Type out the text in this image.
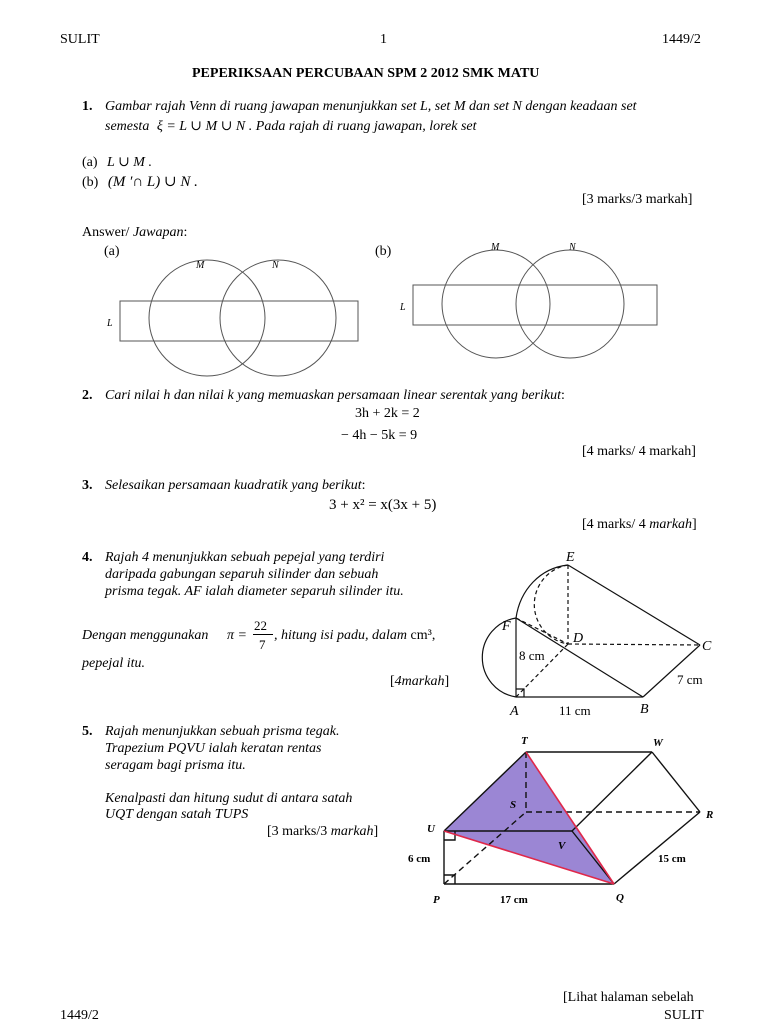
SULIT	1	1449/2
PEPERIKSAAN PERCUBAAN SPM 2 2012 SMK MATU
1. Gambar rajah Venn di ruang jawapan menunjukkan set L, set M dan set N dengan keadaan set
semesta ξ = L ∪ M ∪ N . Pada rajah di ruang jawapan, lorek set
(a) L ∪ M .
(b) (M ′∩ L) ∪ N .
[3 marks/3 markah]
Answer/ Jawapan:
(a)	(b)
M	N
L
M	N
L
2. Cari nilai h dan nilai k yang memuaskan persamaan linear serentak yang berikut:
3h + 2k = 2
− 4h − 5k = 9
[4 marks/ 4 markah]
3. Selesaikan persamaan kuadratik yang berikut:
3 + x² = x(3x + 5)
[4 marks/ 4 markah]
4. Rajah 4 menunjukkan sebuah pepejal yang terdiri
daripada gabungan separuh silinder dan sebuah
prisma tegak. AF ialah diameter separuh silinder itu.
Dengan menggunakan π =
22
7
, hitung isi padu, dalam cm³,
pepejal itu.
[4markah]
E
F
D
C
A	B
8 cm
11 cm
7 cm
5. Rajah menunjukkan sebuah prisma tegak.
Trapezium PQVU ialah keratan rentas
seragam bagi prisma itu.
Kenalpasti dan hitung sudut di antara satah
UQT dengan satah TUPS
[3 marks/3 markah]
T	W
R
U
S
V
P	Q
6 cm
17 cm
15 cm
[Lihat halaman sebelah
1449/2	SULIT
